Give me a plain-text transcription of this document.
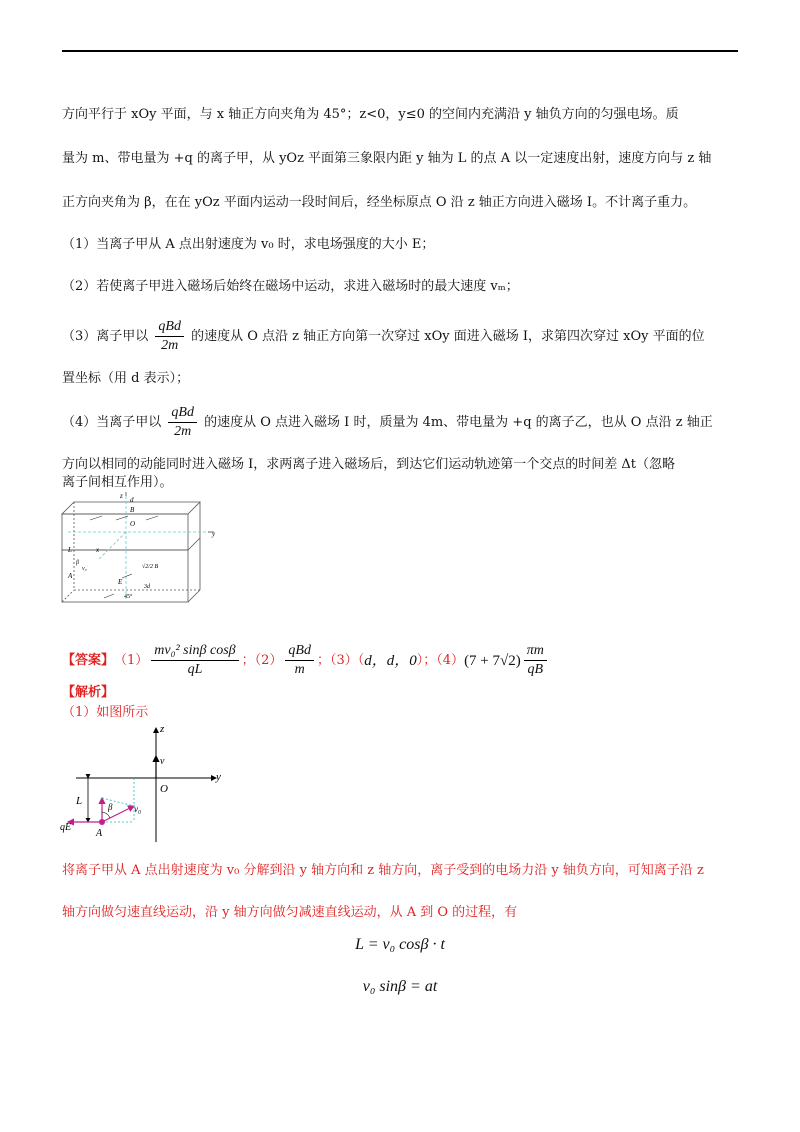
方向平行于 xOy 平面，与 x 轴正方向夹角为 45°；z<0，y≤0 的空间内充满沿 y 轴负方向的匀强电场。质
量为 m、带电量为 +q 的离子甲，从 yOz 平面第三象限内距 y 轴为 L 的点 A 以一定速度出射，速度方向与 z 轴
正方向夹角为 β，在在 yOz 平面内运动一段时间后，经坐标原点 O 沿 z 轴正方向进入磁场 I。不计离子重力。
（1）当离子甲从 A 点出射速度为 v₀ 时，求电场强度的大小 E；
（2）若使离子甲进入磁场后始终在磁场中运动，求进入磁场时的最大速度 vₘ；
（3）离子甲以 $\frac{\text{qBd}}{2m}$ 的速度从 O 点沿 z 轴正方向第一次穿过 xOy 面进入磁场 I，求第四次穿过 xOy 平面的位
置坐标（用 d 表示）；
（4）当离子甲以 $\frac{\text{qBd}}{2m}$ 的速度从 O 点进入磁场 I 时，质量为 4m、带电量为 +q 的离子乙，也从 O 点沿 z 轴正
方向以相同的动能同时进入磁场 I，求两离子进入磁场后，到达它们运动轨迹第一个交点的时间差 Δt（忽略
离子间相互作用）。
z d
B
O
y
L	x
β
v₀
A
E
√2/2 B
3d
45°
【答案】 $(1) \frac{\text{mv₀² sinβ cosβ}}{qL}$ ；$(2) \frac{\text{qBd}}{m}$ ；（3）（ d，d，0 ）；（4） $(7 + 7√2) \frac{\pi m}{qB}$
【解析】
（1）如图所示
z
v
O
y
L	β v₀
qE
A
将离子甲从 A 点出射速度为 v₀ 分解到沿 y 轴方向和 z 轴方向，离子受到的电场力沿 y 轴负方向，可知离子沿 z
轴方向做匀速直线运动，沿 y 轴方向做匀减速直线运动，从 A 到 O 的过程，有
L = v₀ cosβ · t
v₀ sinβ = at
